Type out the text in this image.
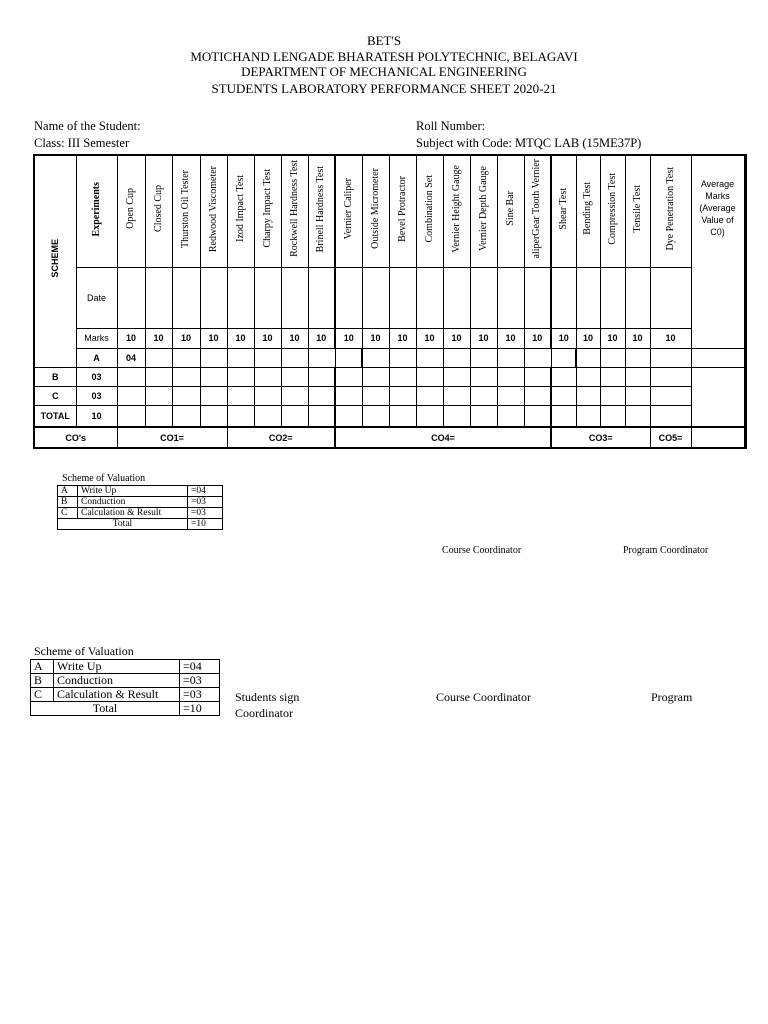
BET'S
MOTICHAND LENGADE BHARATESH POLYTECHNIC, BELAGAVI
DEPARTMENT OF MECHANICAL ENGINEERING
STUDENTS LABORATORY PERFORMANCE SHEET 2020-21
Name of the Student:	Roll Number:
Class: III Semester	Subject with Code: MTQC LAB (15ME37P)
SCHEME	Experiments	Open Cup	Closed Cup	Thurston Oil Tester	Redwood Viscometer	Izod Impact Test	Charpy Impact Test	Rockwell Hardness Test	Brinell Hardness Test	Vernier Caliper	Outside Micrometer	Bevel Protractor	Combination Set	Vernier Height Gauge	Vernier Depth Gauge	Sine Bar	aliperGear Tooth Vernier	Shear Test	Bending Test	Compression Test	Tensile Test	Dye Penetration Test	Average Marks (Average Value of C0)	

	Date																							
	Marks	10	10	10	10	10	10	10	10	10	10	10	10	10	10	10	10	10	10	10	10	10		
	A	04																						
B	03																							
C	03																							
TOTAL	10																							
CO's		CO1=				CO2=				CO4=								CO3=				CO5=		
Scheme of Valuation
A	Write Up	=04
B	Conduction	=03
C	Calculation & Result	=03
Total		=10
Course Coordinator	Program Coordinator
Scheme of Valuation
A	Write Up	=04
B	Conduction	=03
C	Calculation & Result	=03
Total		=10
Students sign
Coordinator
Course Coordinator	Program
